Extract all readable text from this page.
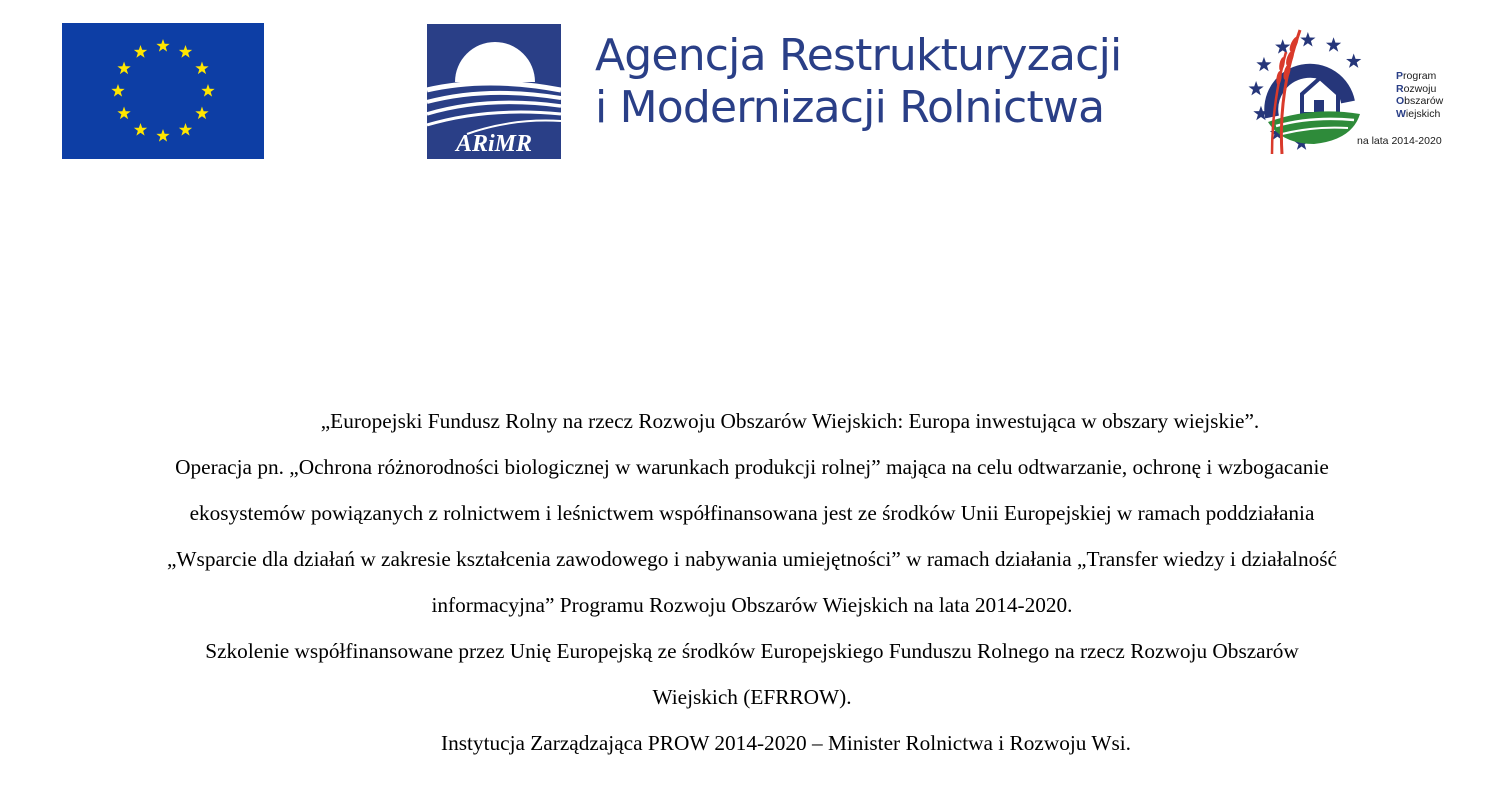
ARiMR
Agencja Restrukturyzacji
i Modernizacji Rolnictwa
Program
Rozwoju
Obszarów
Wiejskich
na lata 2014-2020

„Europejski Fundusz Rolny na rzecz Rozwoju Obszarów Wiejskich: Europa inwestująca w obszary wiejskie”.

Operacja pn. „Ochrona różnorodności biologicznej w warunkach produkcji rolnej” mająca na celu odtwarzanie, ochronę i wzbogacanie

ekosystemów powiązanych z rolnictwem i leśnictwem współfinansowana jest ze środków Unii Europejskiej w ramach poddziałania

„Wsparcie dla działań w zakresie kształcenia zawodowego i nabywania umiejętności” w ramach działania „Transfer wiedzy i działalność

informacyjna” Programu Rozwoju Obszarów Wiejskich na lata 2014-2020.

Szkolenie współfinansowane przez Unię Europejską ze środków Europejskiego Funduszu Rolnego na rzecz Rozwoju Obszarów

Wiejskich (EFRROW).

Instytucja Zarządzająca PROW 2014-2020 – Minister Rolnictwa i Rozwoju Wsi.
